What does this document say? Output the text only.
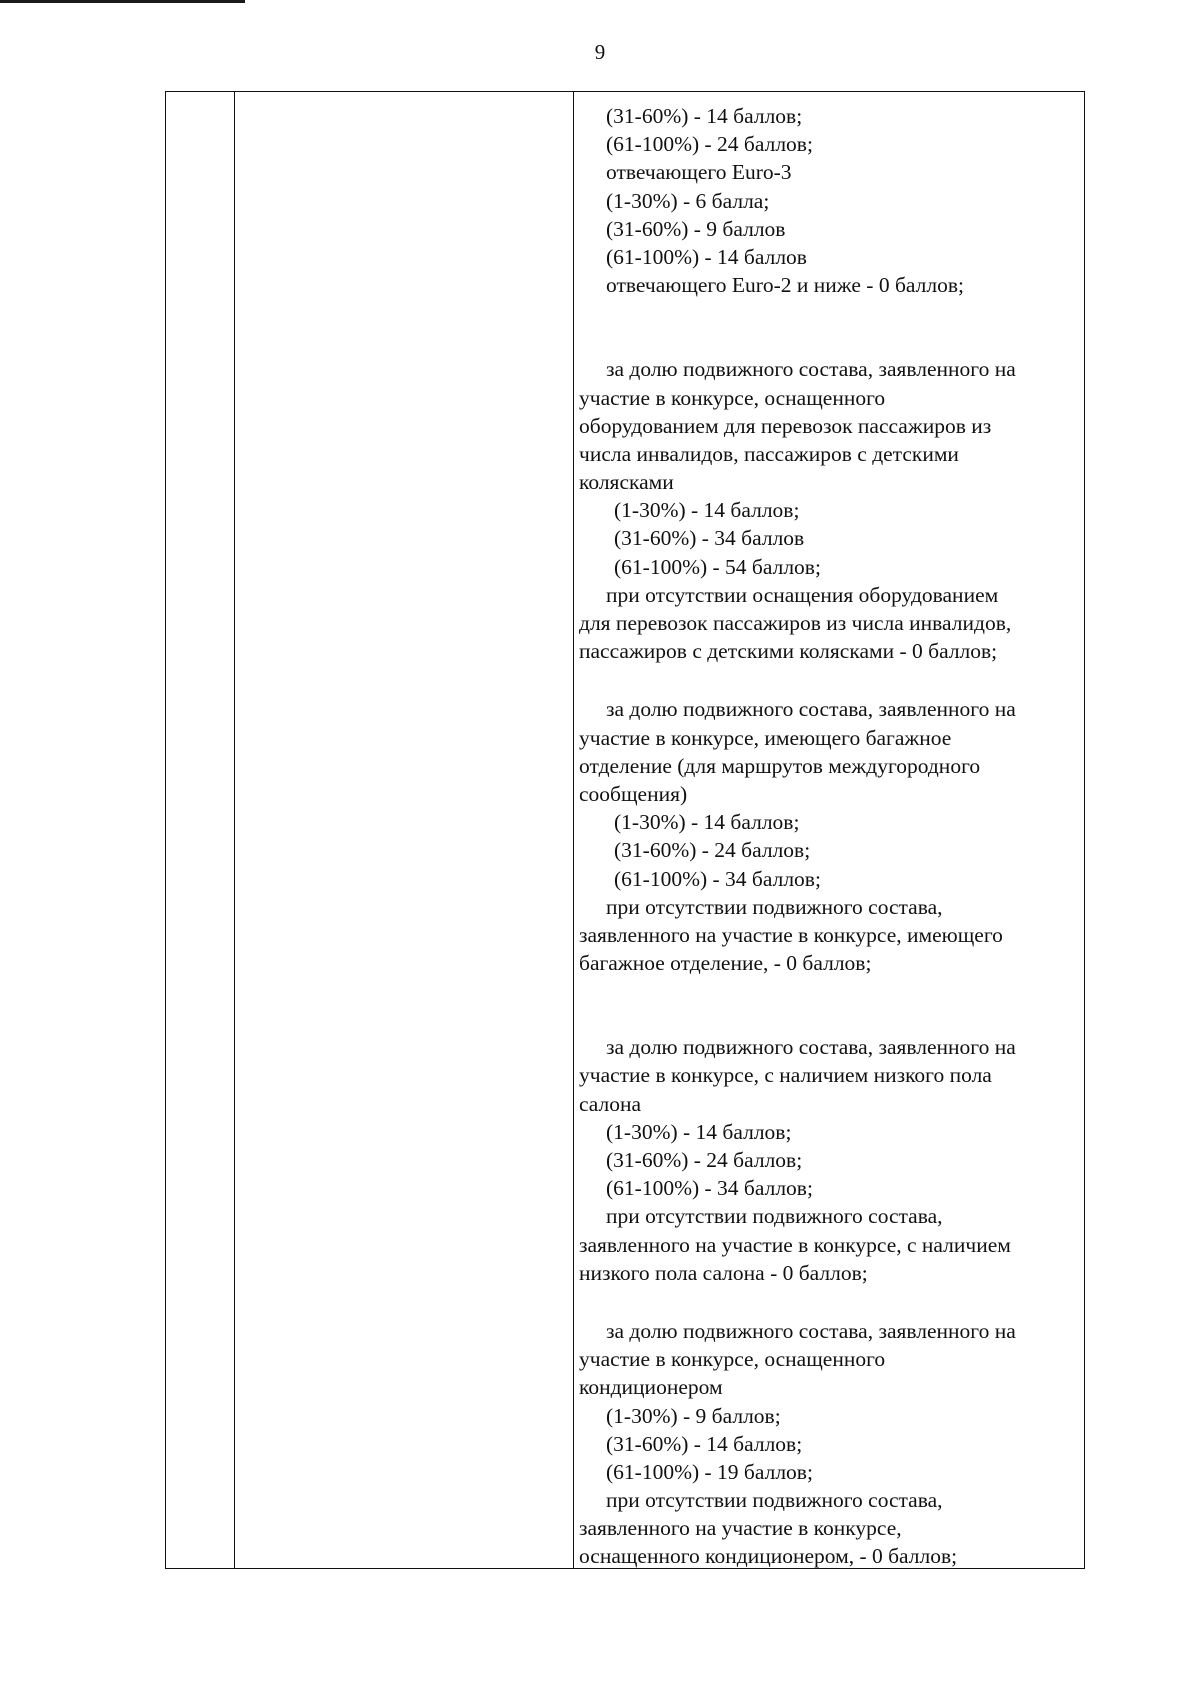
9
(31-60%) - 14 баллов;
(61-100%) - 24 баллов;
отвечающего Euro-3
(1-30%) - 6 балла;
(31-60%) - 9 баллов
(61-100%) - 14 баллов
отвечающего Euro-2 и ниже - 0 баллов;
за долю подвижного состава, заявленного на
участие в конкурсе, оснащенного
оборудованием для перевозок пассажиров из
числа инвалидов, пассажиров с детскими
колясками
(1-30%) - 14 баллов;
(31-60%) - 34 баллов
(61-100%) - 54 баллов;
при отсутствии оснащения оборудованием
для перевозок пассажиров из числа инвалидов,
пассажиров с детскими колясками - 0 баллов;
за долю подвижного состава, заявленного на
участие в конкурсе, имеющего багажное
отделение (для маршрутов междугородного
сообщения)
(1-30%) - 14 баллов;
(31-60%) - 24 баллов;
(61-100%) - 34 баллов;
при отсутствии подвижного состава,
заявленного на участие в конкурсе, имеющего
багажное отделение, - 0 баллов;
за долю подвижного состава, заявленного на
участие в конкурсе, с наличием низкого пола
салона
(1-30%) - 14 баллов;
(31-60%) - 24 баллов;
(61-100%) - 34 баллов;
при отсутствии подвижного состава,
заявленного на участие в конкурсе, с наличием
низкого пола салона - 0 баллов;
за долю подвижного состава, заявленного на
участие в конкурсе, оснащенного
кондиционером
(1-30%) - 9 баллов;
(31-60%) - 14 баллов;
(61-100%) - 19 баллов;
при отсутствии подвижного состава,
заявленного на участие в конкурсе,
оснащенного кондиционером, - 0 баллов;
